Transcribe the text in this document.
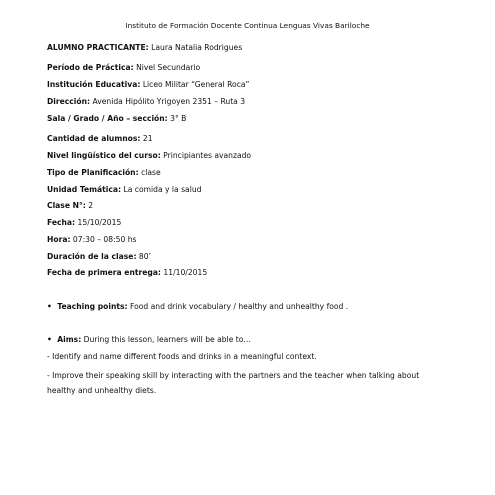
Instituto de Formación Docente Continua Lenguas Vivas Bariloche
ALUMNO PRACTICANTE: Laura Natalia Rodrigues
Período de Práctica: Nivel Secundario
Institución Educativa: Liceo Militar “General Roca”
Dirección: Avenida Hipólito Yrigoyen 2351 – Ruta 3
Sala / Grado / Año – sección: 3° B
Cantidad de alumnos: 21
Nivel lingüístico del curso: Principiantes avanzado
Tipo de Planificación: clase
Unidad Temática: La comida y la salud
Clase N°: 2
Fecha: 15/10/2015
Hora: 07:30 – 08:50 hs
Duración de la clase: 80’
Fecha de primera entrega: 11/10/2015
• Teaching points: Food and drink vocabulary / healthy and unhealthy food .
• Aims: During this lesson, learners will be able to…
- Identify and name different foods and drinks in a meaningful context.
- Improve their speaking skill by interacting with the partners and the teacher when talking about
healthy and unhealthy diets.
